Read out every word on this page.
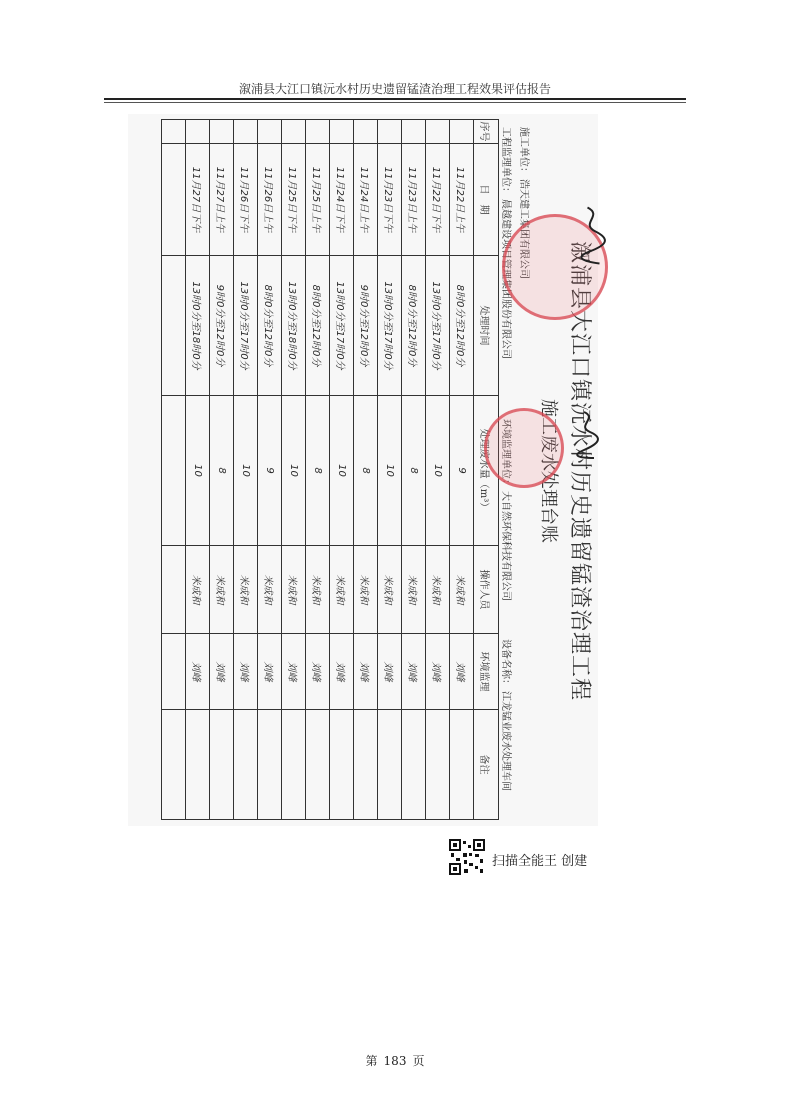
溆浦县大江口镇沅水村历史遗留锰渣治理工程效果评估报告
溆浦县大江口镇沅水村历史遗留锰渣治理工程
施工废水处理台账
施工单位：浩天建工集团有限公司
工程监理单位：晨越建设项目管理集团股份有限公司
环境监理单位：大自然环保科技有限公司
设备名称：江龙锰业废水处理车间
序号	日　期	处理时间	处理废水量（m³）	操作人员	环境监理	备注
	11月22日上午	8时0分至12时0分	9	米成和	刘峰	
	11月22日下午	13时0分至17时0分	10	米成和	刘峰	
	11月23日上午	8时0分至12时0分	8	米成和	刘峰	
	11月23日下午	13时0分至17时0分	10	米成和	刘峰	
	11月24日上午	9时0分至12时0分	8	米成和	刘峰	
	11月24日下午	13时0分至17时0分	10	米成和	刘峰	
	11月25日上午	8时0分至12时0分	8	米成和	刘峰	
	11月25日下午	13时0分至18时0分	10	米成和	刘峰	
	11月26日上午	8时0分至12时0分	9	米成和	刘峰	
	11月26日下午	13时0分至17时0分	10	米成和	刘峰	
	11月27日上午	9时0分至12时0分	8	米成和	刘峰	
	11月27日下午	13时0分至18时0分	10	米成和	刘峰	

扫描全能王 创建
第 183 页
